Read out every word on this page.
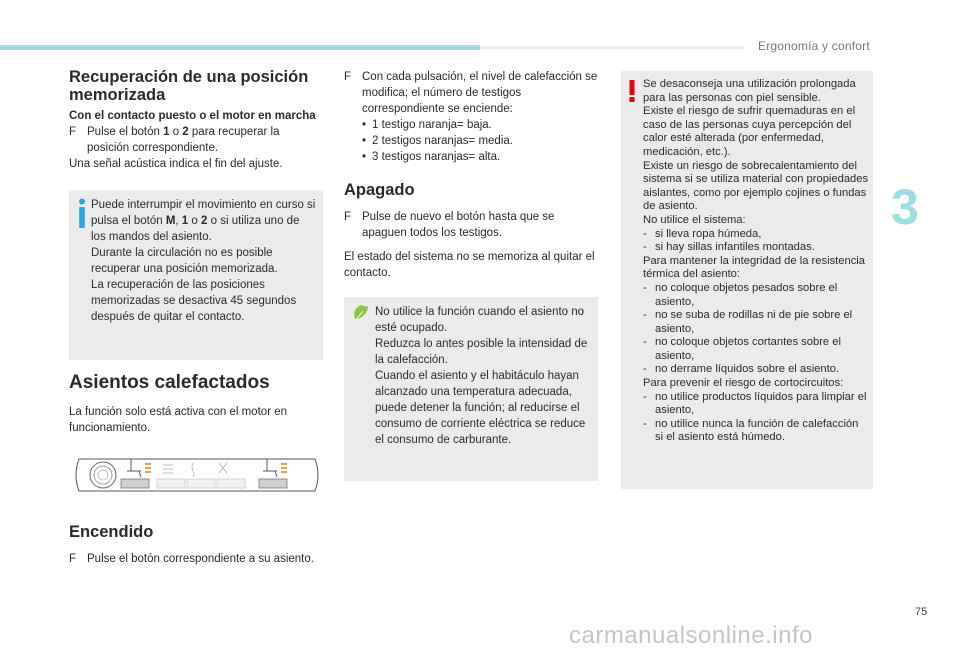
Ergonomía y confort
3
75
carmanualsonline.info
Recuperación de una posición memorizada
Con el contacto puesto o el motor en marcha
F Pulse el botón 1 o 2 para recuperar la posición correspondiente.
Una señal acústica indica el fin del ajuste.
Puede interrumpir el movimiento en curso si pulsa el botón M, 1 o 2 o si utiliza uno de los mandos del asiento.
Durante la circulación no es posible recuperar una posición memorizada.
La recuperación de las posiciones memorizadas se desactiva 45 segundos después de quitar el contacto.
Asientos calefactados
La función solo está activa con el motor en funcionamiento.
Encendido
F Pulse el botón correspondiente a su asiento.
F Con cada pulsación, el nivel de calefacción se modifica; el número de testigos correspondiente se enciende:
• 1 testigo naranja= baja.
• 2 testigos naranjas= media.
• 3 testigos naranjas= alta.
Apagado
F Pulse de nuevo el botón hasta que se apaguen todos los testigos.
El estado del sistema no se memoriza al quitar el contacto.
No utilice la función cuando el asiento no esté ocupado.
Reduzca lo antes posible la intensidad de la calefacción.
Cuando el asiento y el habitáculo hayan alcanzado una temperatura adecuada, puede detener la función; al reducirse el consumo de corriente eléctrica se reduce el consumo de carburante.
Se desaconseja una utilización prolongada para las personas con piel sensible.
Existe el riesgo de sufrir quemaduras en el caso de las personas cuya percepción del calor esté alterada (por enfermedad, medicación, etc.).
Existe un riesgo de sobrecalentamiento del sistema si se utiliza material con propiedades aislantes, como por ejemplo cojines o fundas de asiento.
No utilice el sistema:
- si lleva ropa húmeda,
- si hay sillas infantiles montadas.
Para mantener la integridad de la resistencia térmica del asiento:
- no coloque objetos pesados sobre el asiento,
- no se suba de rodillas ni de pie sobre el asiento,
- no coloque objetos cortantes sobre el asiento,
- no derrame líquidos sobre el asiento.
Para prevenir el riesgo de cortocircuitos:
- no utilice productos líquidos para limpiar el asiento,
- no utilice nunca la función de calefacción si el asiento está húmedo.
